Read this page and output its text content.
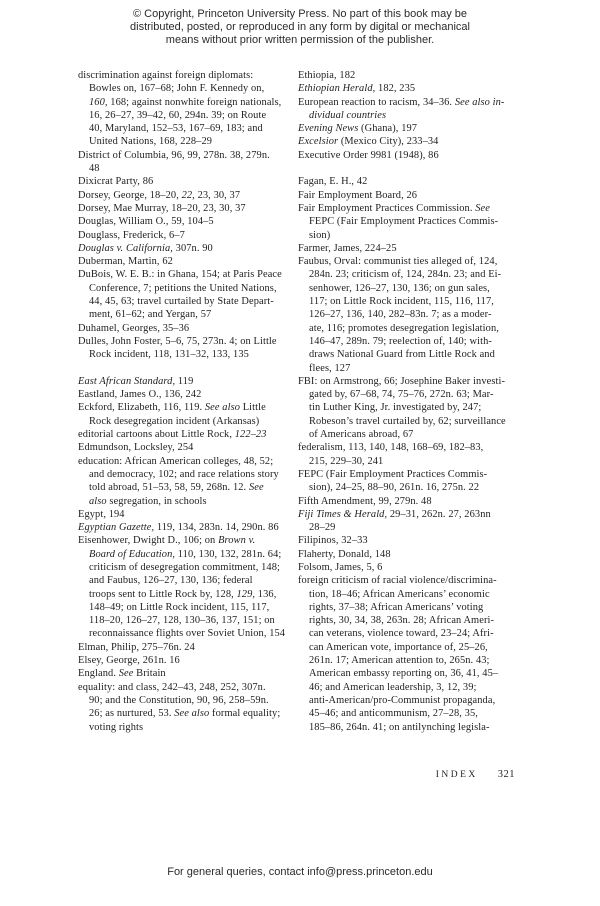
© Copyright, Princeton University Press. No part of this book may be
distributed, posted, or reproduced in any form by digital or mechanical
means without prior written permission of the publisher.
discrimination against foreign diplomats:
Bowles on, 167–68; John F. Kennedy on,
160, 168; against nonwhite foreign nationals,
16, 26–27, 39–42, 60, 294n. 39; on Route
40, Maryland, 152–53, 167–69, 183; and
United Nations, 168, 228–29
District of Columbia, 96, 99, 278n. 38, 279n.
48
Dixicrat Party, 86
Dorsey, George, 18–20, 22, 23, 30, 37
Dorsey, Mae Murray, 18–20, 23, 30, 37
Douglas, William O., 59, 104–5
Douglass, Frederick, 6–7
Douglas v. California, 307n. 90
Duberman, Martin, 62
DuBois, W. E. B.: in Ghana, 154; at Paris Peace
Conference, 7; petitions the United Nations,
44, 45, 63; travel curtailed by State Depart-
ment, 61–62; and Yergan, 57
Duhamel, Georges, 35–36
Dulles, John Foster, 5–6, 75, 273n. 4; on Little
Rock incident, 118, 131–32, 133, 135
East African Standard, 119
Eastland, James O., 136, 242
Eckford, Elizabeth, 116, 119. See also Little
Rock desegregation incident (Arkansas)
editorial cartoons about Little Rock, 122–23
Edmundson, Locksley, 254
education: African American colleges, 48, 52;
and democracy, 102; and race relations story
told abroad, 51–53, 58, 59, 268n. 12. See
also segregation, in schools
Egypt, 194
Egyptian Gazette, 119, 134, 283n. 14, 290n. 86
Eisenhower, Dwight D., 106; on Brown v.
Board of Education, 110, 130, 132, 281n. 64;
criticism of desegregation commitment, 148;
and Faubus, 126–27, 130, 136; federal
troops sent to Little Rock by, 128, 129, 136,
148–49; on Little Rock incident, 115, 117,
118–20, 126–27, 128, 130–36, 137, 151; on
reconnaissance flights over Soviet Union, 154
Elman, Philip, 275–76n. 24
Elsey, George, 261n. 16
England. See Britain
equality: and class, 242–43, 248, 252, 307n.
90; and the Constitution, 90, 96, 258–59n.
26; as nurtured, 53. See also formal equality;
voting rights
Ethiopia, 182
Ethiopian Herald, 182, 235
European reaction to racism, 34–36. See also in-
dividual countries
Evening News (Ghana), 197
Excelsior (Mexico City), 233–34
Executive Order 9981 (1948), 86
Fagan, E. H., 42
Fair Employment Board, 26
Fair Employment Practices Commission. See
FEPC (Fair Employment Practices Commis-
sion)
Farmer, James, 224–25
Faubus, Orval: communist ties alleged of, 124,
284n. 23; criticism of, 124, 284n. 23; and Ei-
senhower, 126–27, 130, 136; on gun sales,
117; on Little Rock incident, 115, 116, 117,
126–27, 136, 140, 282–83n. 7; as a moder-
ate, 116; promotes desegregation legislation,
146–47, 289n. 79; reelection of, 140; with-
draws National Guard from Little Rock and
flees, 127
FBI: on Armstrong, 66; Josephine Baker investi-
gated by, 67–68, 74, 75–76, 272n. 63; Mar-
tin Luther King, Jr. investigated by, 247;
Robeson’s travel curtailed by, 62; surveillance
of Americans abroad, 67
federalism, 113, 140, 148, 168–69, 182–83,
215, 229–30, 241
FEPC (Fair Employment Practices Commis-
sion), 24–25, 88–90, 261n. 16, 275n. 22
Fifth Amendment, 99, 279n. 48
Fiji Times & Herald, 29–31, 262n. 27, 263nn
28–29
Filipinos, 32–33
Flaherty, Donald, 148
Folsom, James, 5, 6
foreign criticism of racial violence/discrimina-
tion, 18–46; African Americans’ economic
rights, 37–38; African Americans’ voting
rights, 30, 34, 38, 263n. 28; African Ameri-
can veterans, violence toward, 23–24; Afri-
can American vote, importance of, 25–26,
261n. 17; American attention to, 265n. 43;
American embassy reporting on, 36, 41, 45–
46; and American leadership, 3, 12, 39;
anti-American/pro-Communist propaganda,
45–46; and anticommunism, 27–28, 35,
185–86, 264n. 41; on antilynching legisla-
INDEX 321
For general queries, contact info@press.princeton.edu
